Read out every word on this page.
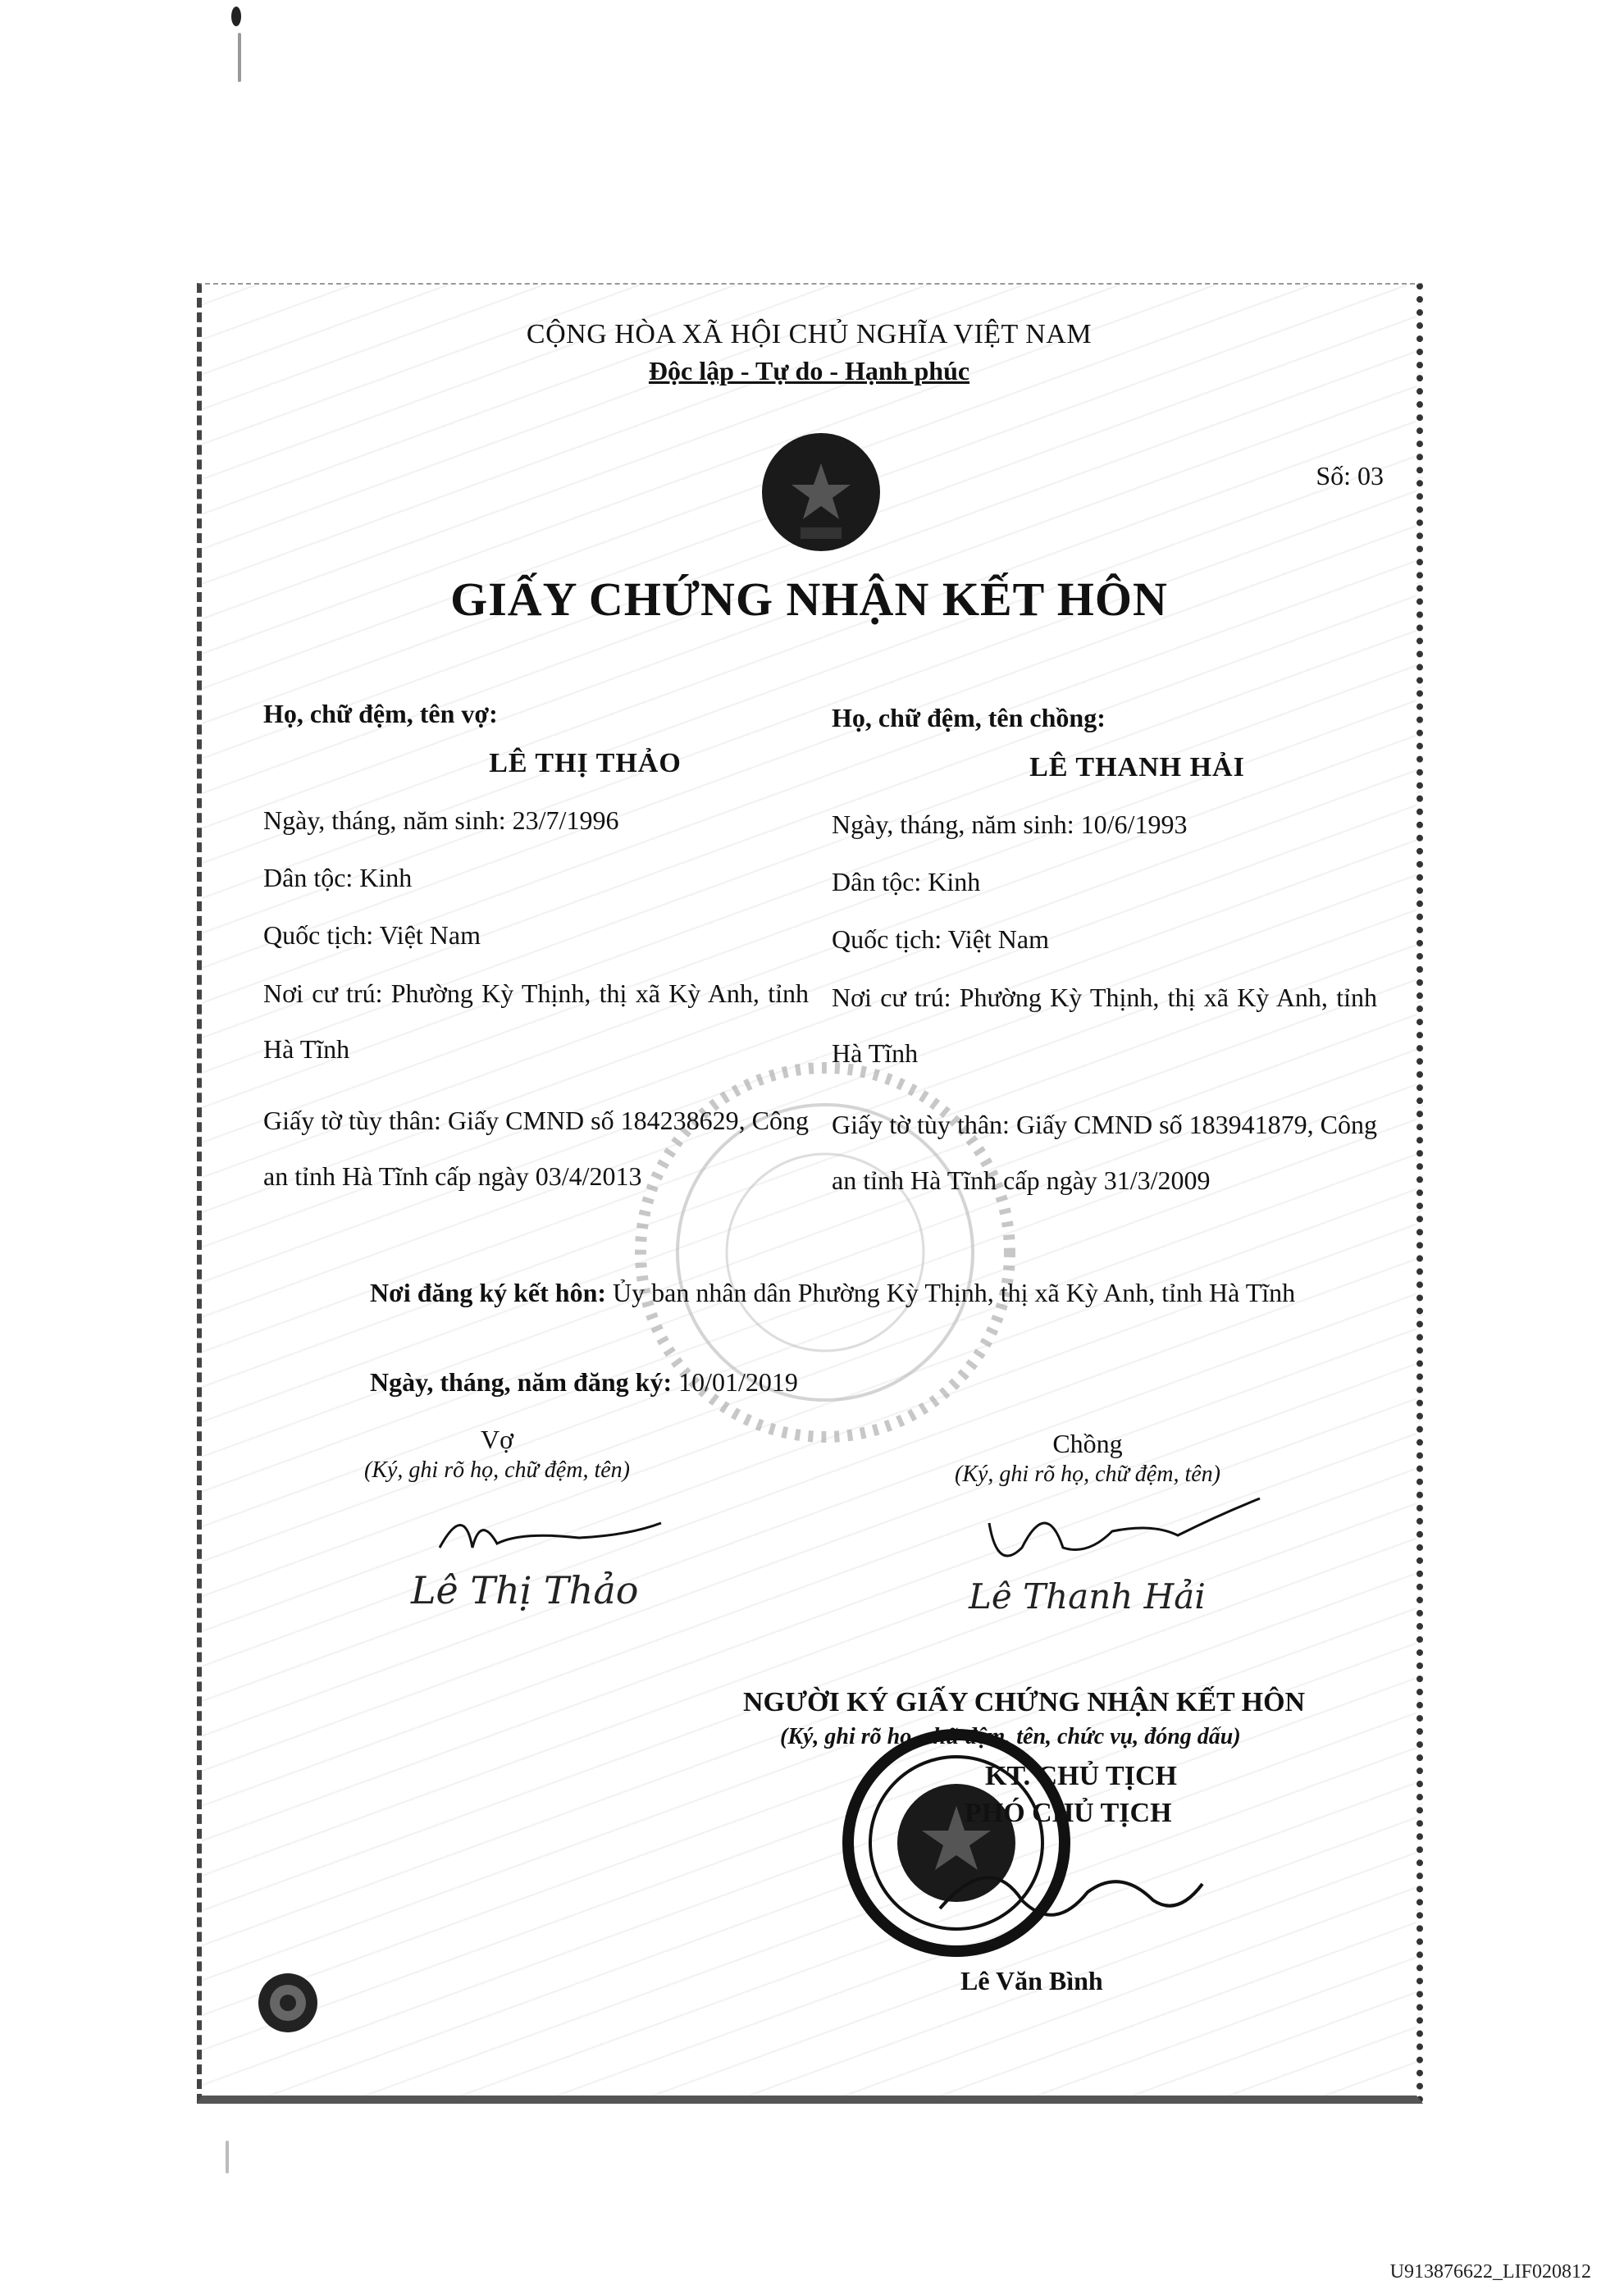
CỘNG HÒA XÃ HỘI CHỦ NGHĨA VIỆT NAM
Độc lập - Tự do - Hạnh phúc
Số: 03
GIẤY CHỨNG NHẬN KẾT HÔN
Họ, chữ đệm, tên vợ:
LÊ THỊ THẢO
Ngày, tháng, năm sinh: 23/7/1996
Dân tộc: Kinh
Quốc tịch: Việt Nam
Nơi cư trú: Phường Kỳ Thịnh, thị xã Kỳ Anh, tỉnh Hà Tĩnh
Giấy tờ tùy thân: Giấy CMND số 184238629, Công an tỉnh Hà Tĩnh cấp ngày 03/4/2013
Họ, chữ đệm, tên chồng:
LÊ THANH HẢI
Ngày, tháng, năm sinh: 10/6/1993
Dân tộc: Kinh
Quốc tịch: Việt Nam
Nơi cư trú: Phường Kỳ Thịnh, thị xã Kỳ Anh, tỉnh Hà Tĩnh
Giấy tờ tùy thân: Giấy CMND số 183941879, Công an tỉnh Hà Tĩnh cấp ngày 31/3/2009
Nơi đăng ký kết hôn: Ủy ban nhân dân Phường Kỳ Thịnh, thị xã Kỳ Anh, tỉnh Hà Tĩnh
Ngày, tháng, năm đăng ký: 10/01/2019
Vợ
(Ký, ghi rõ họ, chữ đệm, tên)
Lê Thị Thảo
Chồng
(Ký, ghi rõ họ, chữ đệm, tên)
Lê Thanh Hải
NGƯỜI KÝ GIẤY CHỨNG NHẬN KẾT HÔN
(Ký, ghi rõ họ, chữ đệm, tên, chức vụ, đóng dấu)
KT. CHỦ TỊCH
PHÓ CHỦ TỊCH
Lê Văn Bình
U913876622_LIF020812
